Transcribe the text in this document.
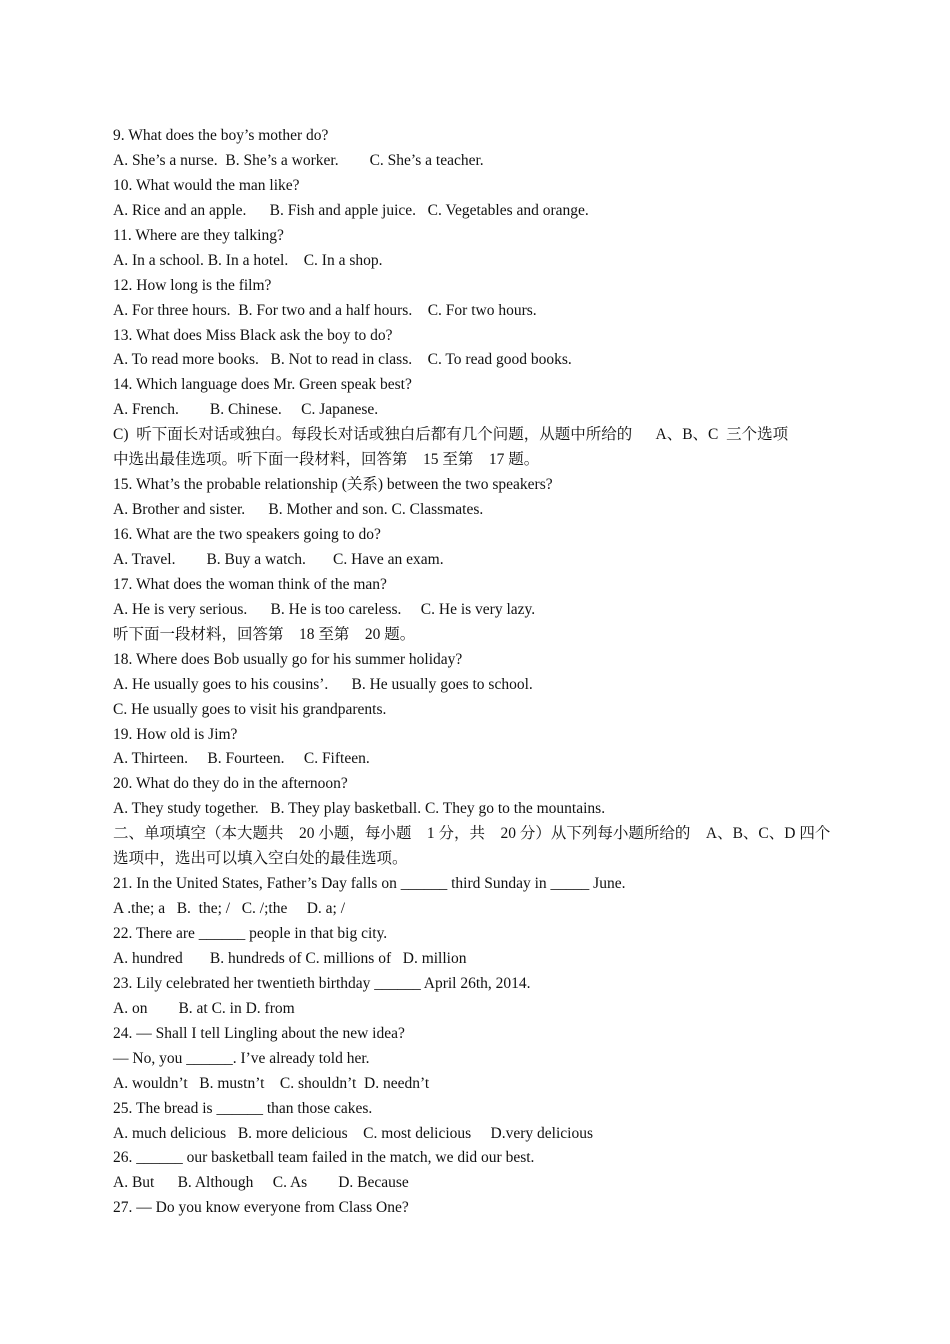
9. What does the boy’s mother do?
A. She’s a nurse.  B. She’s a worker.        C. She’s a teacher.
10. What would the man like?
A. Rice and an apple.      B. Fish and apple juice.   C. Vegetables and orange.
11. Where are they talking?
A. In a school. B. In a hotel.    C. In a shop.
12. How long is the film?
A. For three hours.  B. For two and a half hours.    C. For two hours.
13. What does Miss Black ask the boy to do?
A. To read more books.   B. Not to read in class.    C. To read good books.
14. Which language does Mr. Green speak best?
A. French.        B. Chinese.     C. Japanese.
C)  听下面长对话或独白。每段长对话或独白后都有几个问题，从题中所给的      A、B、C  三个选项
中选出最佳选项。听下面一段材料，回答第    15 至第    17 题。
15. What’s the probable relationship (关系) between the two speakers?
A. Brother and sister.      B. Mother and son. C. Classmates.
16. What are the two speakers going to do?
A. Travel.        B. Buy a watch.       C. Have an exam.
17. What does the woman think of the man?
A. He is very serious.      B. He is too careless.     C. He is very lazy.
听下面一段材料，回答第    18 至第    20 题。
18. Where does Bob usually go for his summer holiday?
A. He usually goes to his cousins’.      B. He usually goes to school.
C. He usually goes to visit his grandparents.
19. How old is Jim?
A. Thirteen.     B. Fourteen.     C. Fifteen.
20. What do they do in the afternoon?
A. They study together.   B. They play basketball. C. They go to the mountains.
二、单项填空（本大题共    20 小题，每小题    1 分，共    20 分）从下列每小题所给的    A、B、C、D 四个
选项中，选出可以填入空白处的最佳选项。
21. In the United States, Father’s Day falls on ______ third Sunday in _____ June.
A .the; a   B.  the; /   C. /;the     D. a; /
22. There are ______ people in that big city.
A. hundred       B. hundreds of C. millions of   D. million
23. Lily celebrated her twentieth birthday ______ April 26th, 2014.
A. on        B. at C. in D. from
24. — Shall I tell Lingling about the new idea?
— No, you ______. I’ve already told her.
A. wouldn’t   B. mustn’t    C. shouldn’t  D. needn’t
25. The bread is ______ than those cakes.
A. much delicious   B. more delicious    C. most delicious     D.very delicious
26. ______ our basketball team failed in the match, we did our best.
A. But      B. Although     C. As        D. Because
27. — Do you know everyone from Class One?
